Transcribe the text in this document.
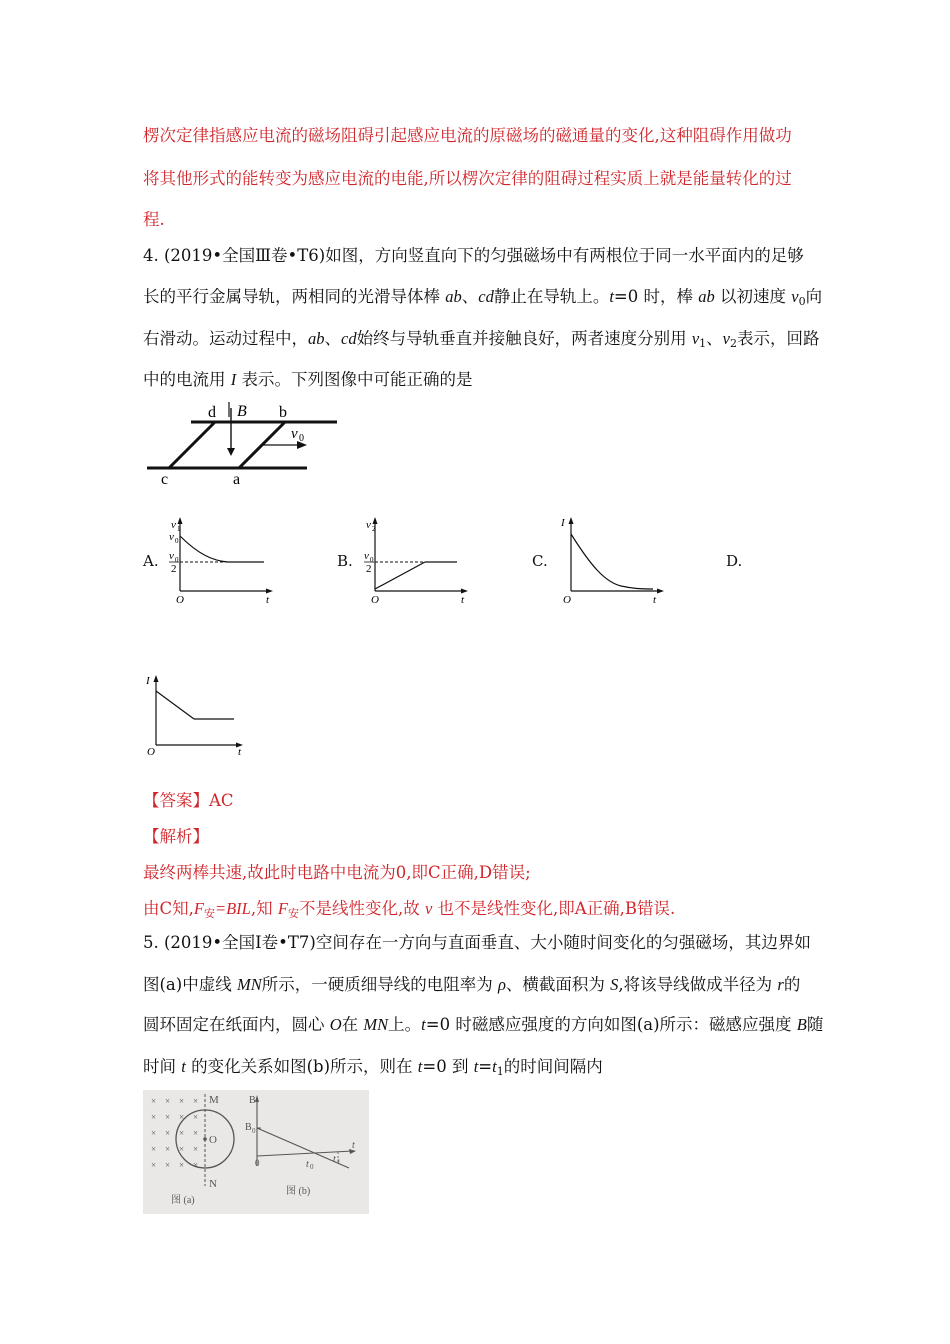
楞次定律指感应电流的磁场阻碍引起感应电流的原磁场的磁通量的变化,这种阻碍作用做功
将其他形式的能转变为感应电流的电能,所以楞次定律的阻碍过程实质上就是能量转化的过
程.
4. (2019•全国Ⅲ卷•T6)如图，方向竖直向下的匀强磁场中有两根位于同一水平面内的足够
长的平行金属导轨，两相同的光滑导体棒 ab、cd静止在导轨上。t=0 时，棒 ab 以初速度 $v_0$向
右滑动。运动过程中，ab、cd始终与导轨垂直并接触良好，两者速度分别用 $v_1$、$v_2$表示，回路
中的电流用 I 表示。下列图像中可能正确的是
d B b
v 0
c	a
A.	B.	C.	D.
v 1
v 0
v 0
2
O	t
v 2
v 0
2
O	t
I
O	t
I
O	t
【答案】AC
【解析】
最终两棒共速,故此时电路中电流为0,即C正确,D错误;
由C知$,F_安=BIL$,知 $F_安$不是线性变化,故 v 也不是线性变化,即A正确,B错误.
5. (2019•全国Ⅰ卷•T7)空间存在一方向与直面垂直、大小随时间变化的匀强磁场，其边界如
图(a)中虚线 MN所示，一硬质细导线的电阻率为 ρ、横截面积为 S,将该导线做成半径为 r的
圆环固定在纸面内，圆心 O在 MN上。t=0 时磁感应强度的方向如图(a)所示：磁感应强度 B随
时间 t 的变化关系如图(b)所示，则在 t=0 到 $t=t_1$的时间间隔内
× × × ×
× × × ×
× × × ×
× × × ×
× × × ×
M
O
N
图 (a)
B
B 0
0	t 0
t 1
t
图 (b)
